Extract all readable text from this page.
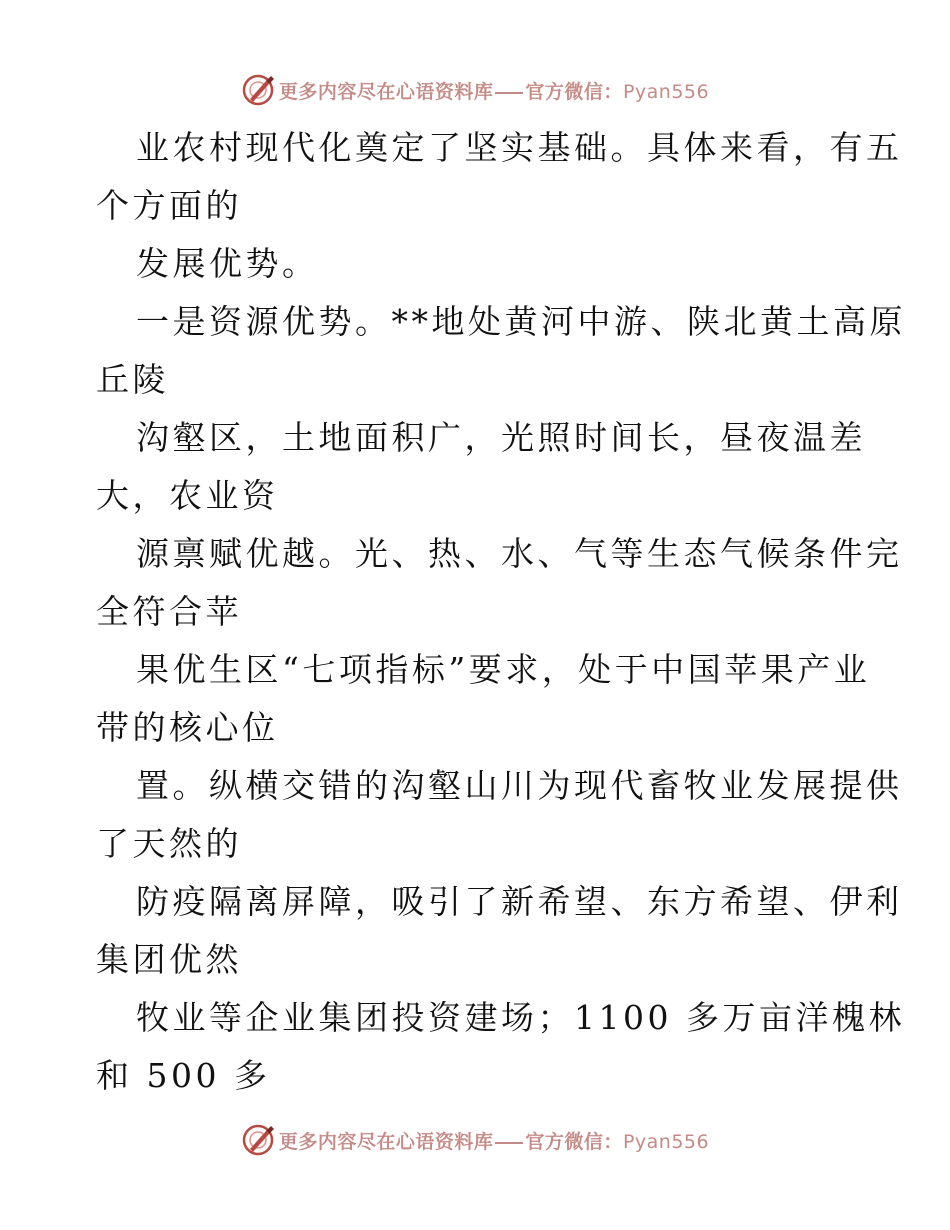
更多内容尽在心语资料库 官方微信：Pyan556
业农村现代化奠定了坚实基础。具体来看，有五
个方面的
发展优势。
一是资源优势。**地处黄河中游、陕北黄土高原
丘陵
沟壑区，土地面积广，光照时间长，昼夜温差
大，农业资
源禀赋优越。光、热、水、气等生态气候条件完
全符合苹
果优生区“七项指标”要求，处于中国苹果产业
带的核心位
置。纵横交错的沟壑山川为现代畜牧业发展提供
了天然的
防疫隔离屏障，吸引了新希望、东方希望、伊利
集团优然
牧业等企业集团投资建场；1100 多万亩洋槐林
和 500 多
更多内容尽在心语资料库 官方微信：Pyan556
